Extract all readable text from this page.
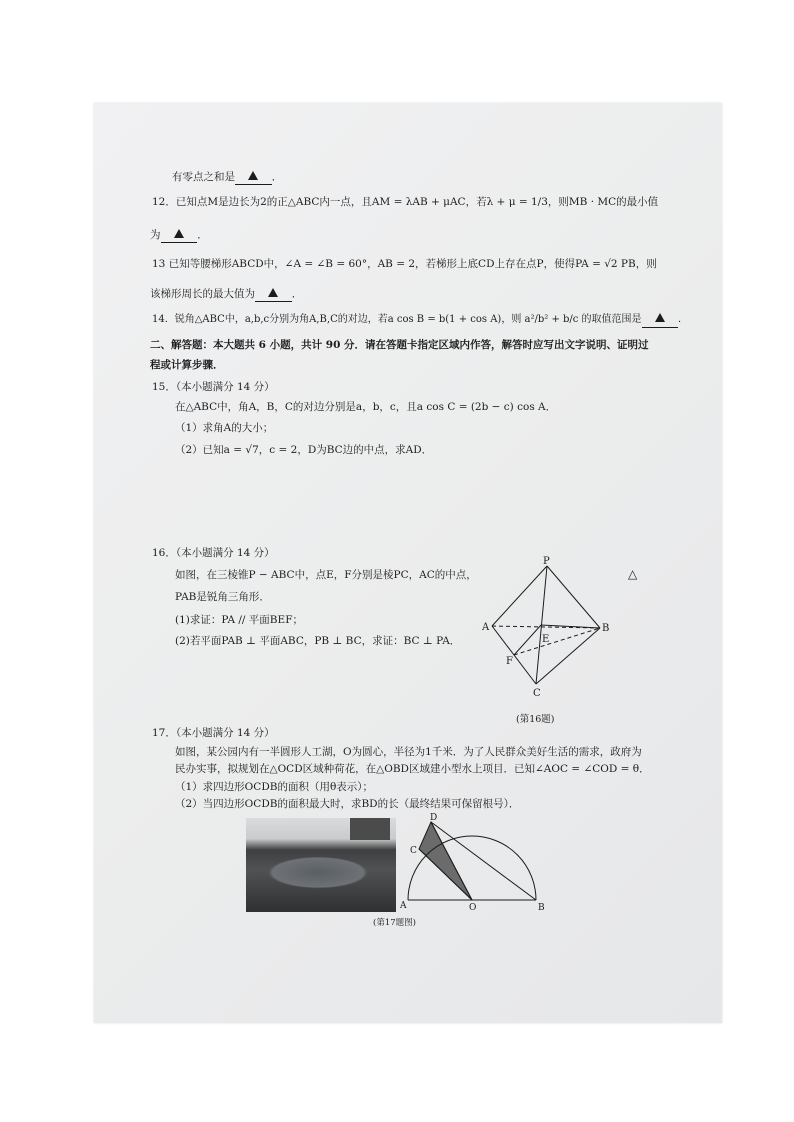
有零点之和是	．
12．已知点M是边长为2的正△ABC内一点，且AM = λAB + μAC，若λ + μ = 1/3，则MB · MC的最小值
为	．
13 已知等腰梯形ABCD中，∠A = ∠B = 60°，AB = 2，若梯形上底CD上存在点P，使得PA = √2 PB，则
该梯形周长的最大值为	．
14．锐角△ABC中，a,b,c分别为角A,B,C的对边，若a cos B = b(1 + cos A)，则 a²/b² + b/c 的取值范围是	．
二、解答题：本大题共 6 小题，共计 90 分．请在答题卡指定区域内作答，解答时应写出文字说明、证明过
程或计算步骤．
15．（本小题满分 14 分）
在△ABC中，角A，B，C的对边分别是a，b，c，且a cos C = (2b − c) cos A．
（1）求角A的大小；
（2）已知a = √7，c = 2，D为BC边的中点，求AD．
16．（本小题满分 14 分）
如图，在三棱锥P − ABC中，点E，F分别是棱PC，AC的中点，
PAB是锐角三角形．
(1)求证：PA // 平面BEF；
(2)若平面PAB ⊥ 平面ABC，PB ⊥ BC，求证：BC ⊥ PA．
△
P
A	B
C
E
F
(第16题)
17．（本小题满分 14 分）
如图，某公园内有一半圆形人工湖，O为圆心，半径为1千米．为了人民群众美好生活的需求，政府为
民办实事，拟规划在△OCD区域种荷花，在△OBD区域建小型水上项目．已知∠AOC = ∠COD = θ．
（1）求四边形OCDB的面积（用θ表示）；
（2）当四边形OCDB的面积最大时，求BD的长（最终结果可保留根号）．
A	O	B
C
D
(第17题图)
